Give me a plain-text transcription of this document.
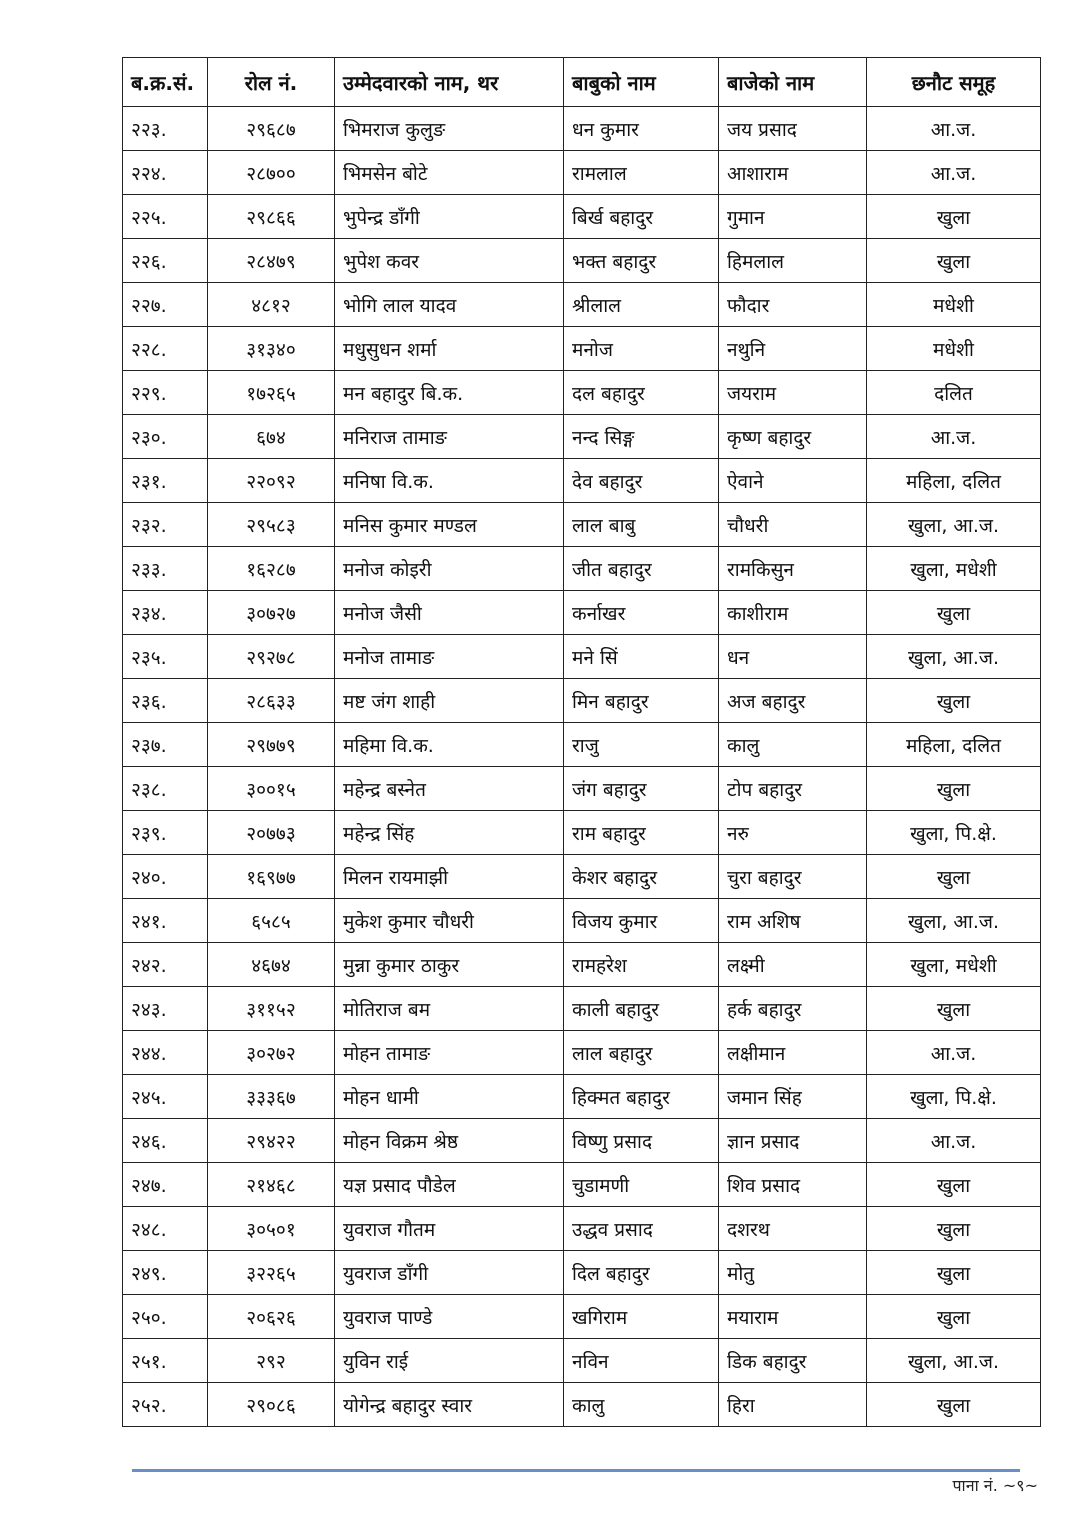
ब.क्र.सं.	रोल नं.	उम्मेदवारको नाम, थर	बाबुको नाम	बाजेको नाम	छनौट समूह
२२३.	२९६८७	भिमराज कुलुङ	धन कुमार	जय प्रसाद	आ.ज.
२२४.	२८७००	भिमसेन बोटे	रामलाल	आशाराम	आ.ज.
२२५.	२९८६६	भुपेन्द्र डाँगी	बिर्ख बहादुर	गुमान	खुला
२२६.	२८४७९	भुपेश कवर	भक्त बहादुर	हिमलाल	खुला
२२७.	४८१२	भोगि लाल यादव	श्रीलाल	फौदार	मधेशी
२२८.	३१३४०	मधुसुधन शर्मा	मनोज	नथुनि	मधेशी
२२९.	१७२६५	मन बहादुर बि.क.	दल बहादुर	जयराम	दलित
२३०.	६७४	मनिराज तामाङ	नन्द सिङ्ग	कृष्ण बहादुर	आ.ज.
२३१.	२२०९२	मनिषा वि.क.	देव बहादुर	ऐवाने	महिला, दलित
२३२.	२९५८३	मनिस कुमार मण्डल	लाल बाबु	चौधरी	खुला, आ.ज.
२३३.	१६२८७	मनोज कोइरी	जीत बहादुर	रामकिसुन	खुला, मधेशी
२३४.	३०७२७	मनोज जैसी	कर्नाखर	काशीराम	खुला
२३५.	२९२७८	मनोज तामाङ	मने सिं	धन	खुला, आ.ज.
२३६.	२८६३३	मष्ट जंग शाही	मिन बहादुर	अज बहादुर	खुला
२३७.	२९७७९	महिमा वि.क.	राजु	कालु	महिला, दलित
२३८.	३००१५	महेन्द्र बस्नेत	जंग बहादुर	टोप बहादुर	खुला
२३९.	२०७७३	महेन्द्र सिंह	राम बहादुर	नरु	खुला, पि.क्षे.
२४०.	१६९७७	मिलन रायमाझी	केशर बहादुर	चुरा बहादुर	खुला
२४१.	६५८५	मुकेश कुमार चौधरी	विजय कुमार	राम अशिष	खुला, आ.ज.
२४२.	४६७४	मुन्ना कुमार ठाकुर	रामहरेश	लक्ष्मी	खुला, मधेशी
२४३.	३११५२	मोतिराज बम	काली बहादुर	हर्क बहादुर	खुला
२४४.	३०२७२	मोहन तामाङ	लाल बहादुर	लक्षीमान	आ.ज.
२४५.	३३३६७	मोहन धामी	हिक्मत बहादुर	जमान सिंह	खुला, पि.क्षे.
२४६.	२९४२२	मोहन विक्रम श्रेष्ठ	विष्णु प्रसाद	ज्ञान प्रसाद	आ.ज.
२४७.	२१४६८	यज्ञ प्रसाद पौडेल	चुडामणी	शिव प्रसाद	खुला
२४८.	३०५०१	युवराज गौतम	उद्धव प्रसाद	दशरथ	खुला
२४९.	३२२६५	युवराज डाँगी	दिल बहादुर	मोतु	खुला
२५०.	२०६२६	युवराज पाण्डे	खगिराम	मयाराम	खुला
२५१.	२९२	युविन राई	नविन	डिक बहादुर	खुला, आ.ज.
२५२.	२९०८६	योगेन्द्र बहादुर स्वार	कालु	हिरा	खुला
पाना नं. ~९~
